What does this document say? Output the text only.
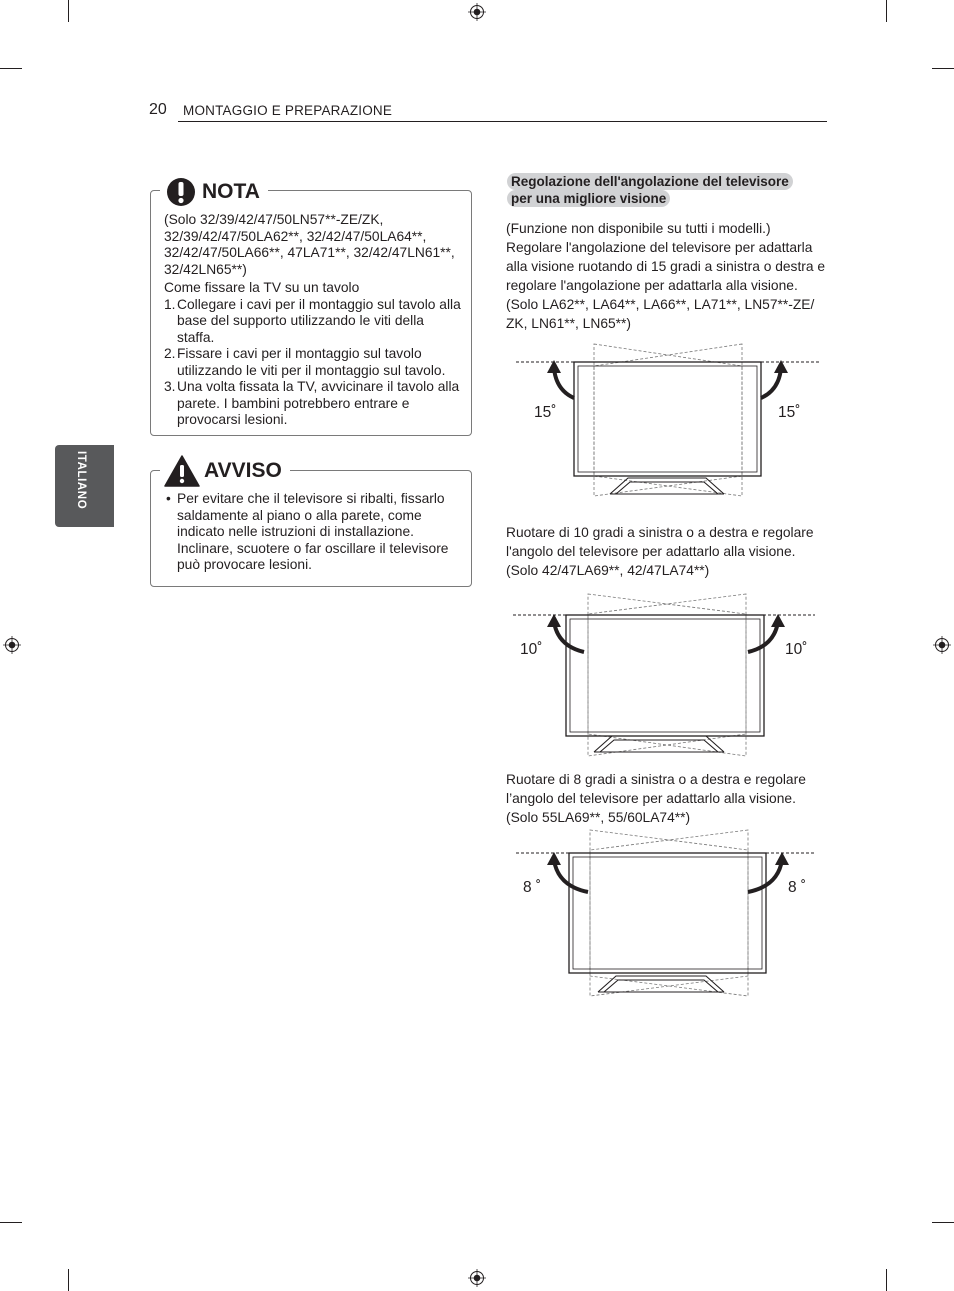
20 MONTAGGIO E PREPARAZIONE
ITALIANO
NOTA
(Solo 32/39/42/47/50LN57**-ZE/ZK, 32/39/42/47/50LA62**, 32/42/47/50LA64**, 32/42/47/50LA66**, 47LA71**, 32/42/47LN61**, 32/42LN65**)
Come fissare la TV su un tavolo
1. Collegare i cavi per il montaggio sul tavolo alla base del supporto utilizzando le viti della staffa.
2. Fissare i cavi per il montaggio sul tavolo utilizzando le viti per il montaggio sul tavolo.
3. Una volta fissata la TV, avvicinare il tavolo alla parete. I bambini potrebbero entrare e provocarsi lesioni.
AVVISO
• Per evitare che il televisore si ribalti, fissarlo saldamente al piano o alla parete, come indicato nelle istruzioni di installazione. Inclinare, scuotere o far oscillare il televisore può provocare lesioni.
Regolazione dell'angolazione del televisore per una migliore visione
(Funzione non disponibile su tutti i modelli.) Regolare l'angolazione del televisore per adattarla alla visione ruotando di 15 gradi a sinistra o destra e regolare l'angolazione per adattarla alla visione. (Solo LA62**, LA64**, LA66**, LA71**, LN57**-ZE/ ZK, LN61**, LN65**)
15˚	15˚
Ruotare di 10 gradi a sinistra o a destra e regolare l'angolo del televisore per adattarlo alla visione. (Solo 42/47LA69**, 42/47LA74**)
10˚	10˚
Ruotare di 8 gradi a sinistra o a destra e regolare l’angolo del televisore per adattarlo alla visione. (Solo 55LA69**, 55/60LA74**)
8 ˚	8 ˚
